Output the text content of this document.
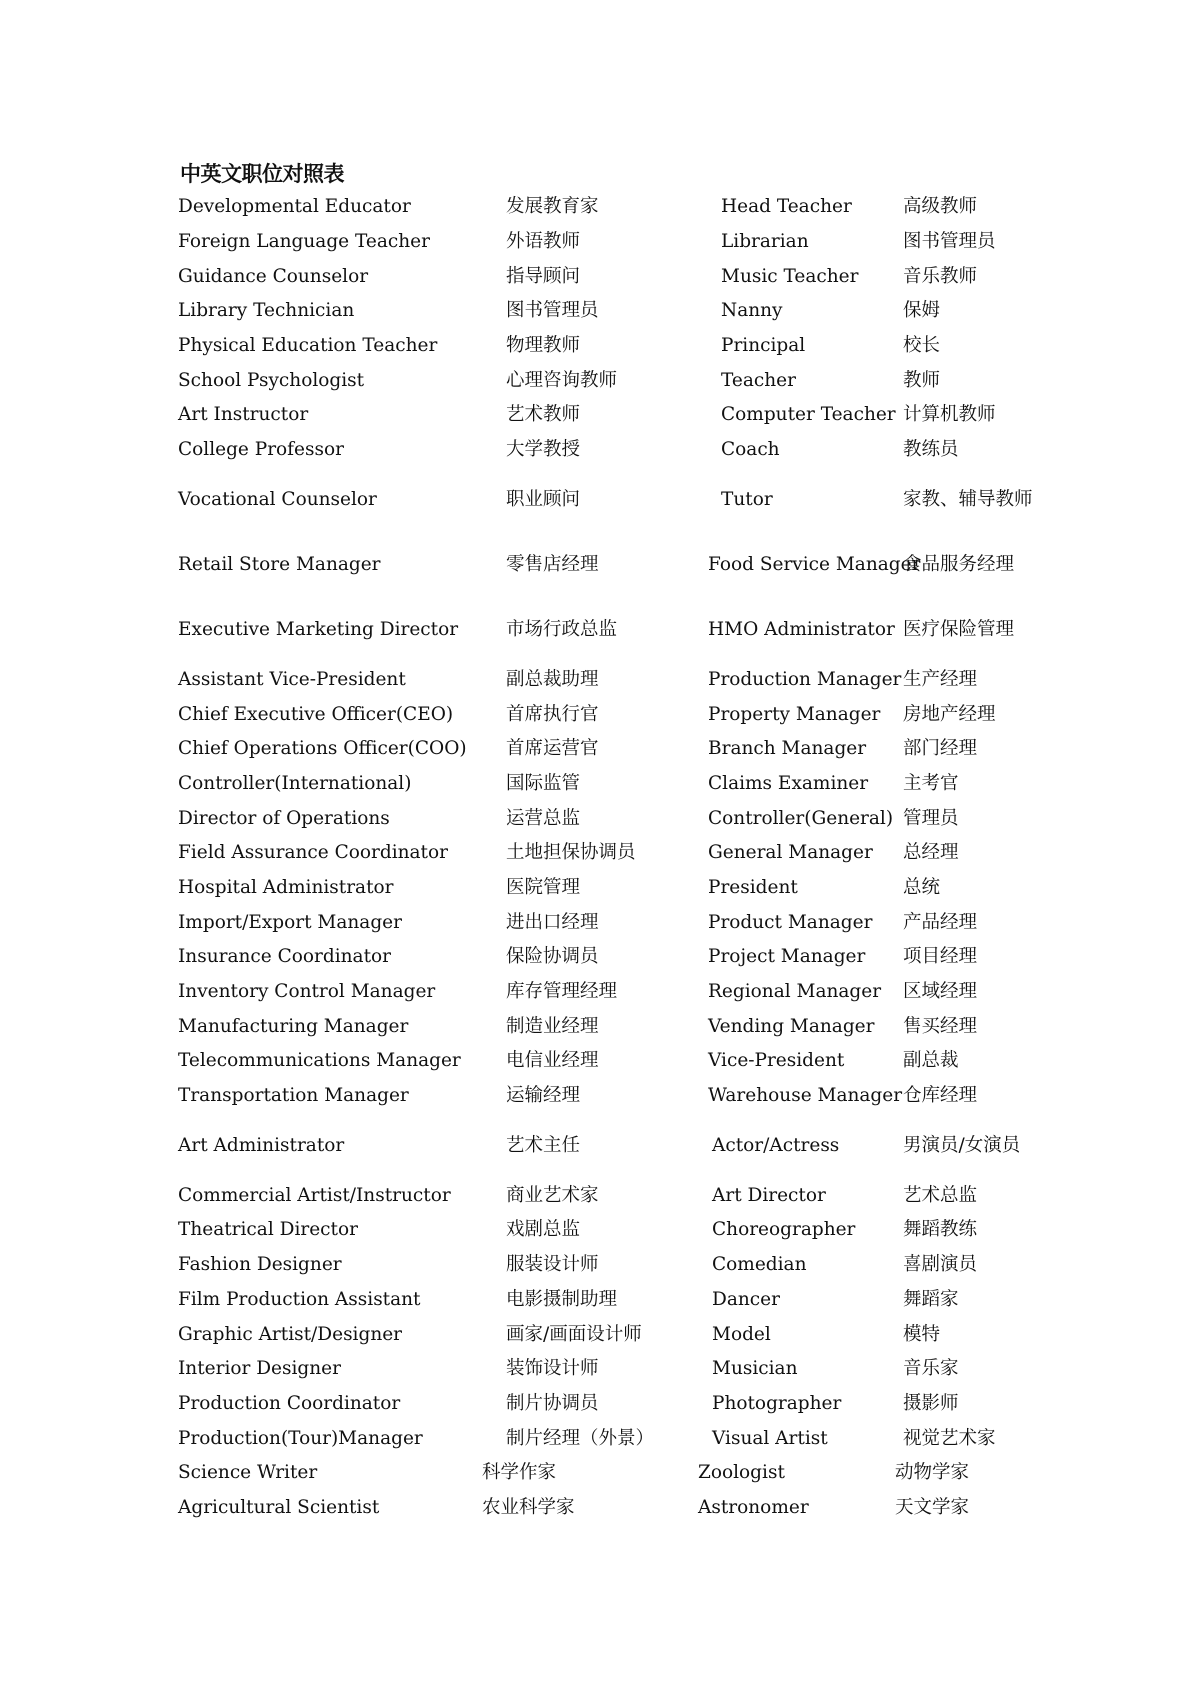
中英文职位对照表
Developmental Educator	发展教育家	Head Teacher	高级教师
Foreign Language Teacher	外语教师	Librarian	图书管理员
Guidance Counselor	指导顾问	Music Teacher	音乐教师
Library Technician	图书管理员	Nanny	保姆
Physical Education Teacher	物理教师	Principal	校长
School Psychologist	心理咨询教师	Teacher	教师
Art Instructor	艺术教师	Computer Teacher	计算机教师
College Professor	大学教授	Coach	教练员
Vocational Counselor	职业顾问	Tutor	家教、辅导教师
Retail Store Manager	零售店经理	Food Service Manager	食品服务经理
Executive Marketing Director	市场行政总监	HMO Administrator	医疗保险管理
Assistant Vice-President	副总裁助理	Production Manager	生产经理
Chief Executive Officer(CEO)	首席执行官	Property Manager	房地产经理
Chief Operations Officer(COO)	首席运营官	Branch Manager	部门经理
Controller(International)	国际监管	Claims Examiner	主考官
Director of Operations	运营总监	Controller(General)	管理员
Field Assurance Coordinator	土地担保协调员	General Manager	总经理
Hospital Administrator	医院管理	President	总统
Import/Export Manager	进出口经理	Product Manager	产品经理
Insurance Coordinator	保险协调员	Project Manager	项目经理
Inventory Control Manager	库存管理经理	Regional Manager	区域经理
Manufacturing Manager	制造业经理	Vending Manager	售买经理
Telecommunications Manager	电信业经理	Vice-President	副总裁
Transportation Manager	运输经理	Warehouse Manager	仓库经理
Art Administrator	艺术主任	Actor/Actress	男演员/女演员
Commercial Artist/Instructor	商业艺术家	Art Director	艺术总监
Theatrical Director	戏剧总监	Choreographer	舞蹈教练
Fashion Designer	服装设计师	Comedian	喜剧演员
Film Production Assistant	电影摄制助理	Dancer	舞蹈家
Graphic Artist/Designer	画家/画面设计师	Model	模特
Interior Designer	装饰设计师	Musician	音乐家
Production Coordinator	制片协调员	Photographer	摄影师
Production(Tour)Manager	制片经理（外景）	Visual Artist	视觉艺术家
Science Writer	科学作家	Zoologist	动物学家
Agricultural Scientist	农业科学家	Astronomer	天文学家
